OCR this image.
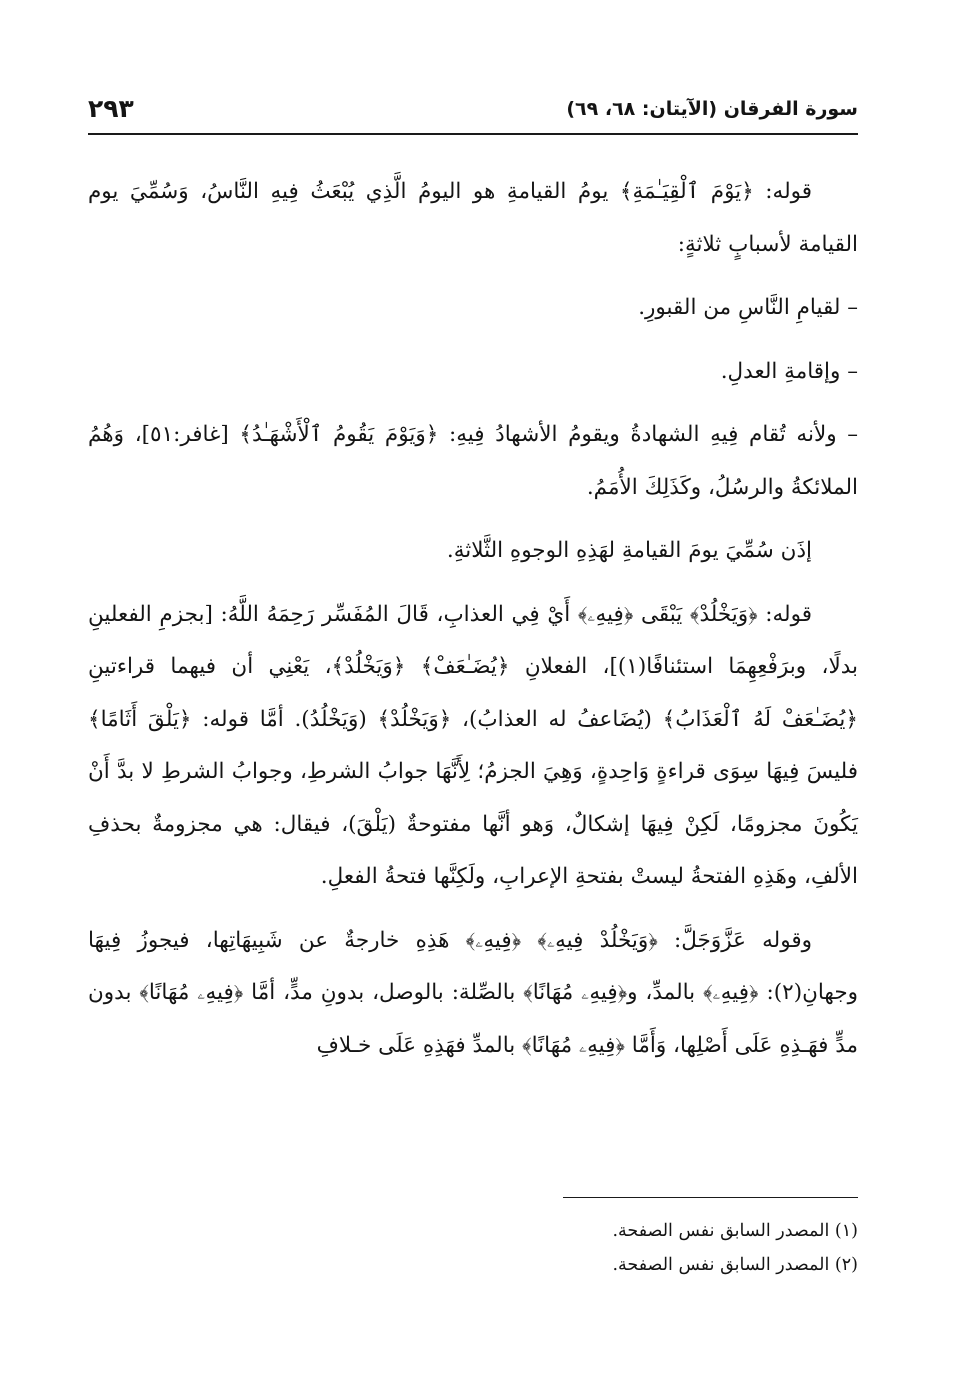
سورة الفرقان (الآيتان: ٦٨، ٦٩)
٢٩٣

قوله: ﴿يَوْمَ ٱلْقِيَـٰمَةِ﴾ يومُ القيامةِ هو اليومُ الَّذِي يُبْعَثُ فِيهِ النَّاسُ، وَسُمِّيَ يوم القيامة لأسبابٍ ثلاثةٍ:

– لقيامِ النَّاسِ من القبورِ.

– وإقامةِ العدلِ.

– ولأنه تُقام فِيهِ الشهادةُ ويقومُ الأشهادُ فِيهِ: ﴿وَيَوْمَ يَقُومُ ٱلْأَشْهَـٰدُ﴾ [غافر:٥١]، وَهُمُ الملائكةُ والرسُلُ، وكَذَلِكَ الأُمَمُ.

إذَن سُمِّيَ يومَ القيامةِ لهَذِهِ الوجوهِ الثَّلاثةِ.

قوله: ﴿وَيَخْلُدْ﴾ يَبْقَى ﴿فِيهِۦ﴾ أَيْ فِي العذابِ، قَالَ المُفَسِّر رَحِمَهُ اللَّهُ: [بجزمِ الفعلينِ بدلًا، وبرَفْعِهِمَا استئنافًا(١)]، الفعلانِ ﴿يُضَـٰعَفْ﴾ ﴿وَيَخْلُدْ﴾، يَعْنِي أن فيهما قراءتينِ ﴿يُضَـٰعَفْ لَهُ ٱلْعَذَابُ﴾ (يُضَاعفُ له العذابُ)، ﴿وَيَخْلُدْ﴾ (وَيَخْلُدُ). أمَّا قوله: ﴿يَلْقَ أَثَامًا﴾ فليسَ فِيهَا سِوَى قراءةٍ وَاحِدةٍ، وَهِيَ الجزمُ؛ لِأَنَّهَا جوابُ الشرطِ، وجوابُ الشرطِ لا بدَّ أَنْ يَكُونَ مجزومًا، لَكِنْ فِيهَا إشكالٌ، وَهو أنَّها مفتوحةٌ (يَلْقَ)، فيقال: هي مجزومةٌ بحذفِ الألفِ، وهَذِهِ الفتحةُ ليستْ بفتحةِ الإعرابِ، ولَكِنَّها فتحةُ الفعلِ.

وقوله عَزَّوَجَلَّ: ﴿وَيَخْلُدْ فِيهِۦ﴾ ﴿فِيهِۦ﴾ هَذِهِ خارجةٌ عن شَبِيهَاتِها، فيجوزُ فِيهَا وجهانِ(٢): ﴿فِيهِۦ﴾ بالمدِّ، و﴿فِيهِۦ مُهَانًا﴾ بالصِّلة: بالوصل، بدونِ مدٍّ، أمَّا ﴿فِيهِۦ مُهَانًا﴾ بدون مدٍّ فهَـذِهِ عَلَى أَصْلِها، وَأَمَّا ﴿فِيهِۦ مُهَانًا﴾ بالمدِّ فهَذِهِ عَلَى خـلافِ

(١) المصدر السابق نفس الصفحة.

(٢) المصدر السابق نفس الصفحة.
